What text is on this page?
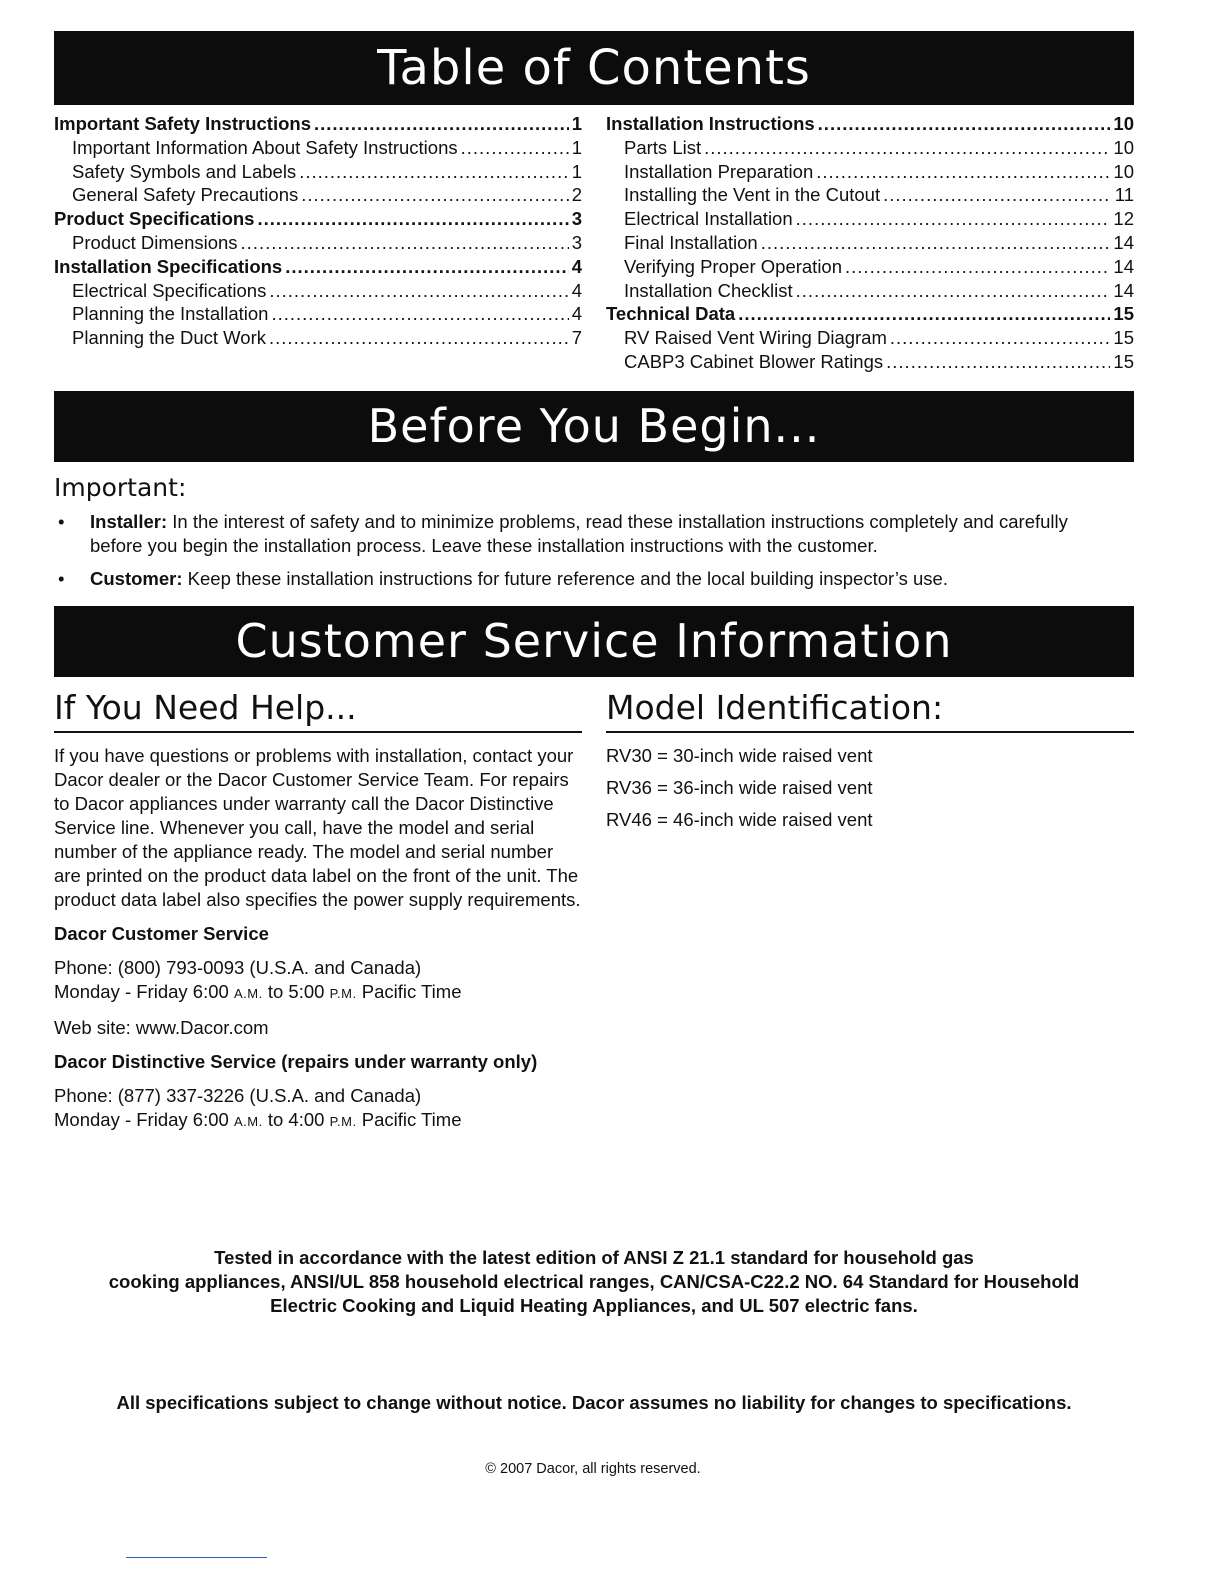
Table of Contents
Important Safety Instructions .....	1
Important Information About Safety Instructions .....	1
Safety Symbols and Labels .....	1
General Safety Precautions .....	2
Product Specifications .....	3
Product Dimensions .....	3
Installation Specifications .....	4
Electrical Specifications .....	4
Planning the Installation .....	4
Planning the Duct Work .....	7
Installation Instructions .....	10
Parts List .....	10
Installation Preparation .....	10
Installing the Vent in the Cutout .....	11
Electrical Installation .....	12
Final Installation .....	14
Verifying Proper Operation .....	14
Installation Checklist .....	14
Technical Data .....	15
RV Raised Vent Wiring Diagram .....	15
CABP3 Cabinet Blower Ratings .....	15
Before You Begin...
Important:
• Installer: In the interest of safety and to minimize problems, read these installation instructions completely and carefully before you begin the installation process. Leave these installation instructions with the customer.
• Customer: Keep these installation instructions for future reference and the local building inspector’s use.
Customer Service Information
If You Need Help...

If you have questions or problems with installation, contact your Dacor dealer or the Dacor Customer Service Team. For repairs to Dacor appliances under warranty call the Dacor Distinctive Service line. Whenever you call, have the model and serial number of the appliance ready. The model and serial number are printed on the product data label on the front of the unit. The product data label also specifies the power supply requirements.

Dacor Customer Service

Phone: (800) 793-0093 (U.S.A. and Canada)
Monday - Friday 6:00 A.M. to 5:00 P.M. Pacific Time

Web site: www.Dacor.com

Dacor Distinctive Service (repairs under warranty only)

Phone: (877) 337-3226 (U.S.A. and Canada)
Monday - Friday 6:00 A.M. to 4:00 P.M. Pacific Time

Model Identification:

RV30 = 30-inch wide raised vent

RV36 = 36-inch wide raised vent

RV46 = 46-inch wide raised vent

Tested in accordance with the latest edition of ANSI Z 21.1 standard for household gas
cooking appliances, ANSI/UL 858 household electrical ranges, CAN/CSA-C22.2 NO. 64 Standard for Household
Electric Cooking and Liquid Heating Appliances, and UL 507 electric fans.
All specifications subject to change without notice. Dacor assumes no liability for changes to specifications.
© 2007 Dacor, all rights reserved.
